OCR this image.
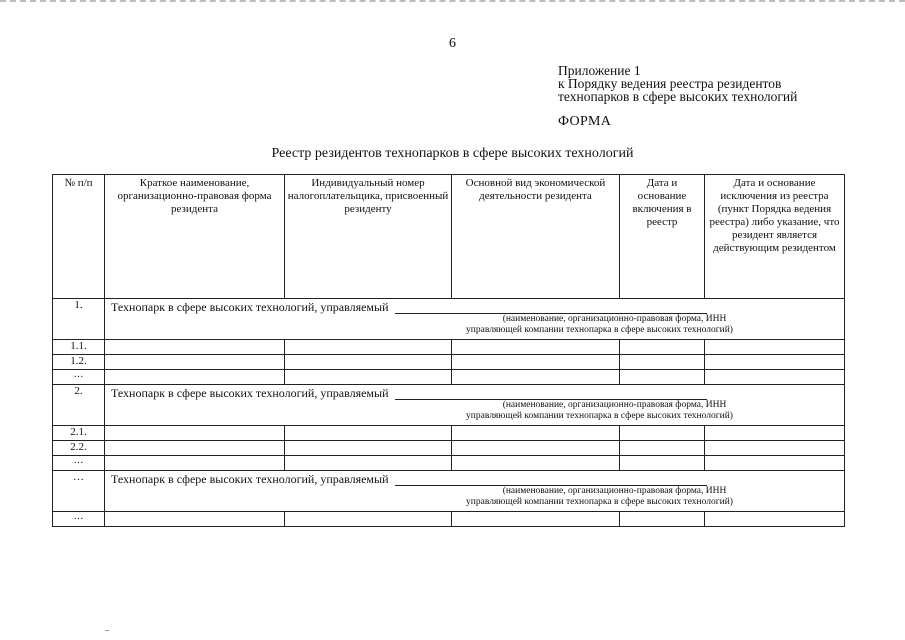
6
Приложение 1
к Порядку ведения реестра резидентов
технопарков в сфере высоких технологий
ФОРМА
Реестр резидентов технопарков в сфере высоких технологий
№ п/п	Краткое наименование, организационно-правовая форма резидента	Индивидуальный номер налогоплательщика, присвоенный резиденту	Основной вид экономической деятельности резидента	Дата и основание включения в реестр	Дата и основание исключения из реестра (пункт Порядка ведения реестра) либо указание, что резидент является действующим резидентом
1.	Технопарк в сфере высоких технологий, управляемый
(наименование, организационно-правовая форма, ИНН
управляющей компании технопарка в сфере высоких технологий)				

1.1.					
1.2.					
…					
2.	Технопарк в сфере высоких технологий, управляемый
(наименование, организационно-правовая форма, ИНН
управляющей компании технопарка в сфере высоких технологий)				

2.1.					
2.2.					
…					
…	Технопарк в сфере высоких технологий, управляемый
(наименование, организационно-правовая форма, ИНН
управляющей компании технопарка в сфере высоких технологий)				

…					
